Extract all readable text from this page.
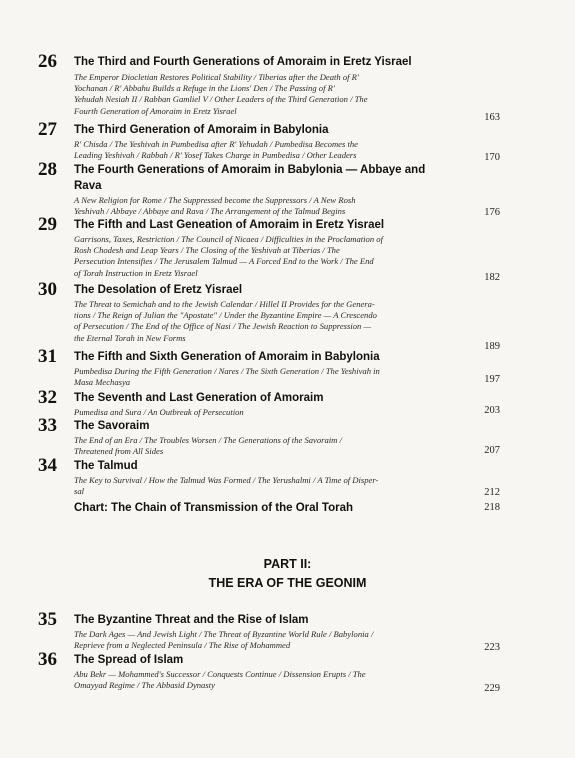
26 The Third and Fourth Generations of Amoraim in Eretz Yisrael
The Emperor Diocletian Restores Political Stability / Tiberias after the Death of R'
Yochanan / R' Abbahu Builds a Refuge in the Lions' Den / The Passing of R'
Yehudah Nesiah II / Rabban Gamliel V / Other Leaders of the Third Generation / The
Fourth Generation of Amoraim in Eretz Yisrael
163
27 The Third Generation of Amoraim in Babylonia
R' Chisda / The Yeshivah in Pumbedisa after R' Yehudah / Pumbedisa Becomes the
Leading Yeshivah / Rabbah / R' Yosef Takes Charge in Pumbedisa / Other Leaders	170
28 The Fourth Generations of Amoraim in Babylonia — Abbaye and
Rava
A New Religion for Rome / The Suppressed become the Suppressors / A New Rosh
Yeshivah / Abbaye / Abbaye and Rava / The Arrangement of the Talmud Begins	176
29 The Fifth and Last Geneation of Amoraim in Eretz Yisrael
Garrisons, Taxes, Restriction / The Council of Nicaea / Difficulties in the Proclamation of
Rosh Chodesh and Leap Years / The Closing of the Yeshivah at Tiberias / The
Persecution Intensifies / The Jerusalem Talmud — A Forced End to the Work / The End
of Torah Instruction in Eretz Yisrael	182
30 The Desolation of Eretz Yisrael
The Threat to Semichah and to the Jewish Calendar / Hillel II Provides for the Genera-
tions / The Reign of Julian the "Apostate" / Under the Byzantine Empire — A Crescendo
of Persecution / The End of the Office of Nasi / The Jewish Reaction to Suppression —
the Eternal Torah in New Forms
189
31 The Fifth and Sixth Generation of Amoraim in Babylonia
Pumbedisa During the Fifth Generation / Nares / The Sixth Generation / The Yeshivah in
Masa Mechasya	197
32 The Seventh and Last Generation of Amoraim
Pumedisa and Sura / An Outbreak of Persecution	203
33 The Savoraim
The End of an Era / The Troubles Worsen / The Generations of the Savoraim /
Threatened from All Sides	207
34 The Talmud
The Key to Survival / How the Talmud Was Formed / The Yerushalmi / A Time of Disper-
sal	212
Chart: The Chain of Transmission of the Oral Torah	218
PART II:
THE ERA OF THE GEONIM
35 The Byzantine Threat and the Rise of Islam
The Dark Ages — And Jewish Light / The Threat of Byzantine World Rule / Babylonia /
Reprieve from a Neglected Peninsula / The Rise of Mohammed	223
36 The Spread of Islam
Abu Bekr — Mohammed's Successor / Conquests Continue / Dissension Erupts / The
Omayyad Regime / The Abbasid Dynasty	229
